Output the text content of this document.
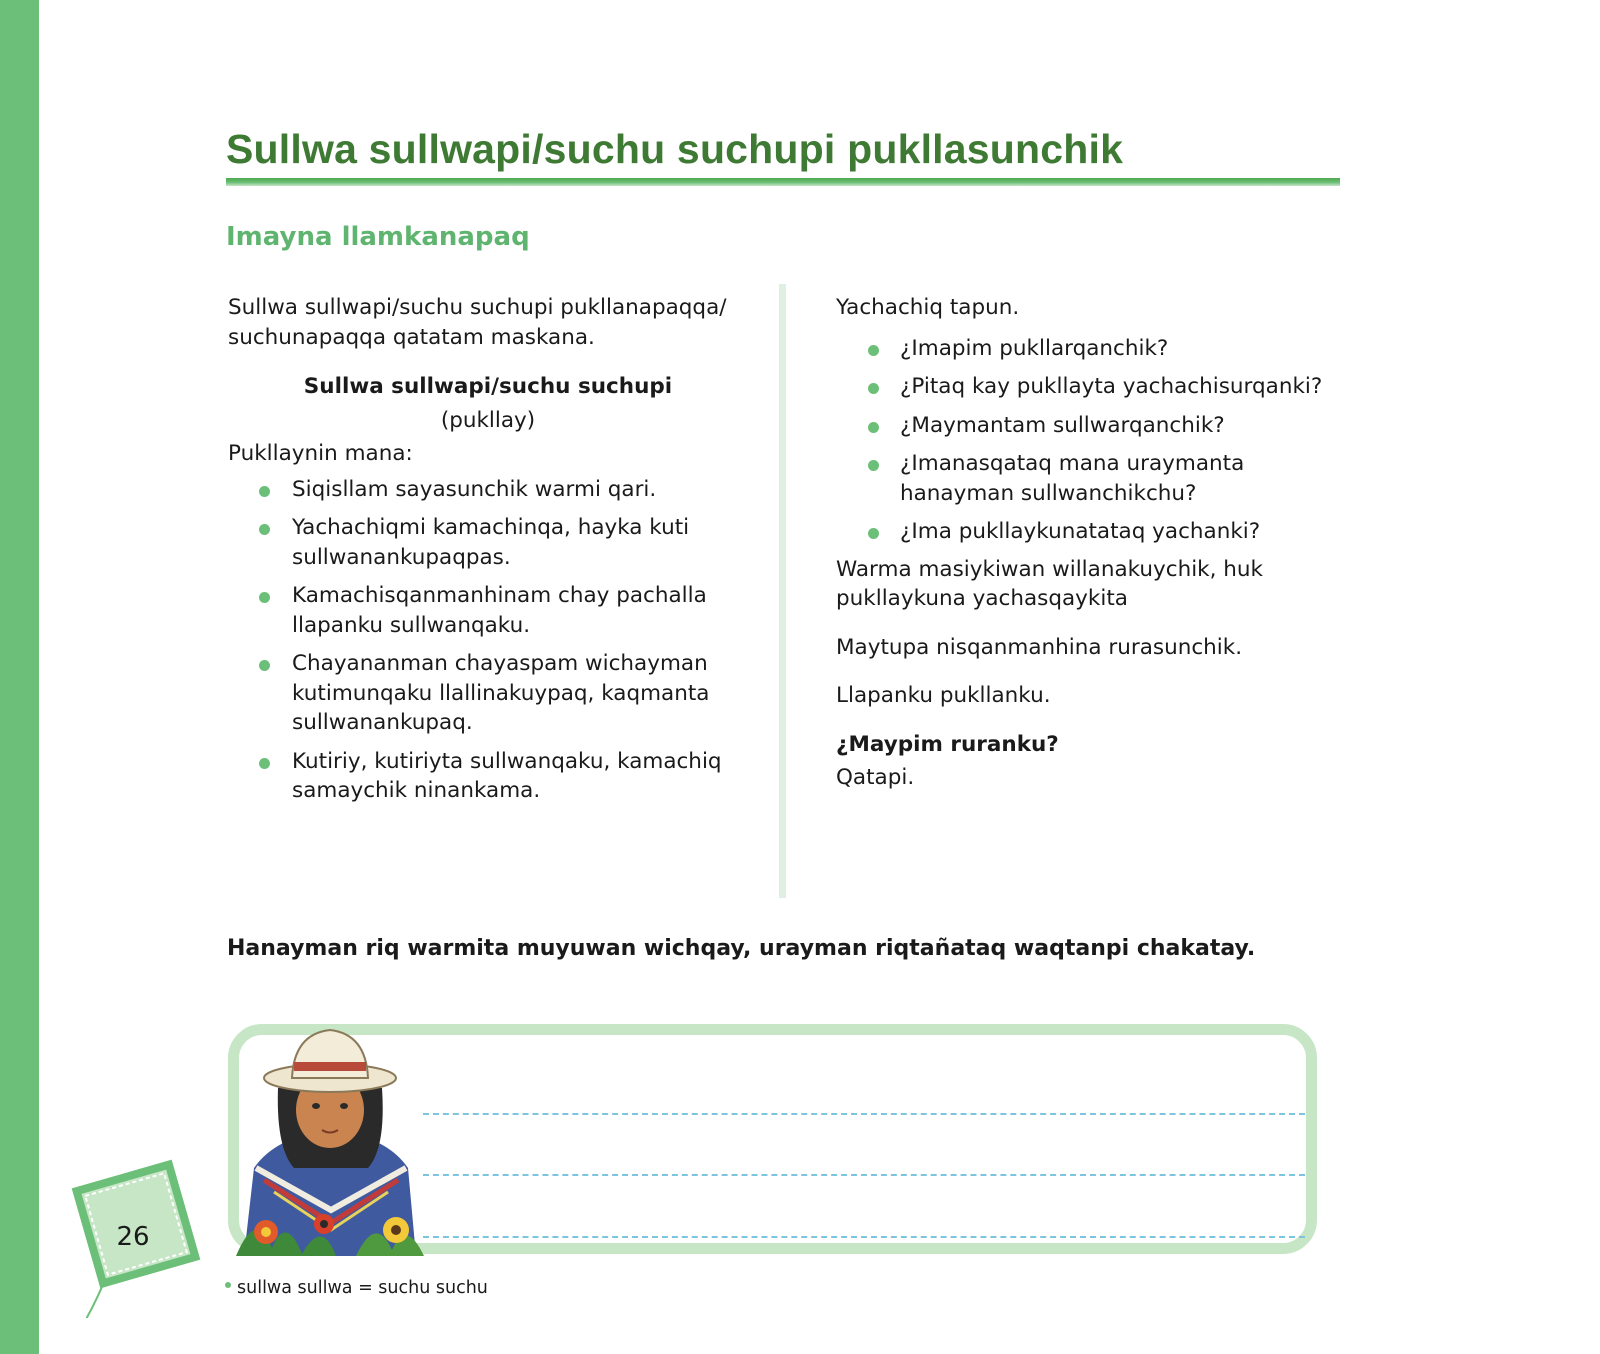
Sullwa sullwapi/suchu suchupi pukllasunchik
Imayna llamkanapaq

Sullwa sullwapi/suchu suchupi pukllanapaqqa/ suchunapaqqa qatatam maskana.

Sullwa sullwapi/suchu suchupi

(pukllay)

Pukllaynin mana:

Siqisllam sayasunchik warmi qari.
Yachachiqmi kamachinqa, hayka kuti sullwanankupaqpas.
Kamachisqanmanhinam chay pachalla llapanku sullwanqaku.
Chayananman chayaspam wichayman kutimunqaku llallinakuypaq, kaqmanta sullwanankupaq.
Kutiriy, kutiriyta sullwanqaku, kamachiq samaychik ninankama.

Yachachiq tapun.

¿Imapim pukllarqanchik?
¿Pitaq kay pukllayta yachachisurqanki?
¿Maymantam sullwarqanchik?
¿Imanasqataq mana uraymanta hanayman sullwanchikchu?
¿Ima pukllaykunatataq yachanki?

Warma masiykiwan willanakuychik, huk pukllaykuna yachasqaykita

Maytupa nisqanmanhina rurasunchik.

Llapanku pukllanku.

¿Maypim ruranku?

Qatapi.

Hanayman riq warmita muyuwan wichqay, urayman riqtañataq waqtanpi chakatay.

26
sullwa sullwa = suchu suchu
